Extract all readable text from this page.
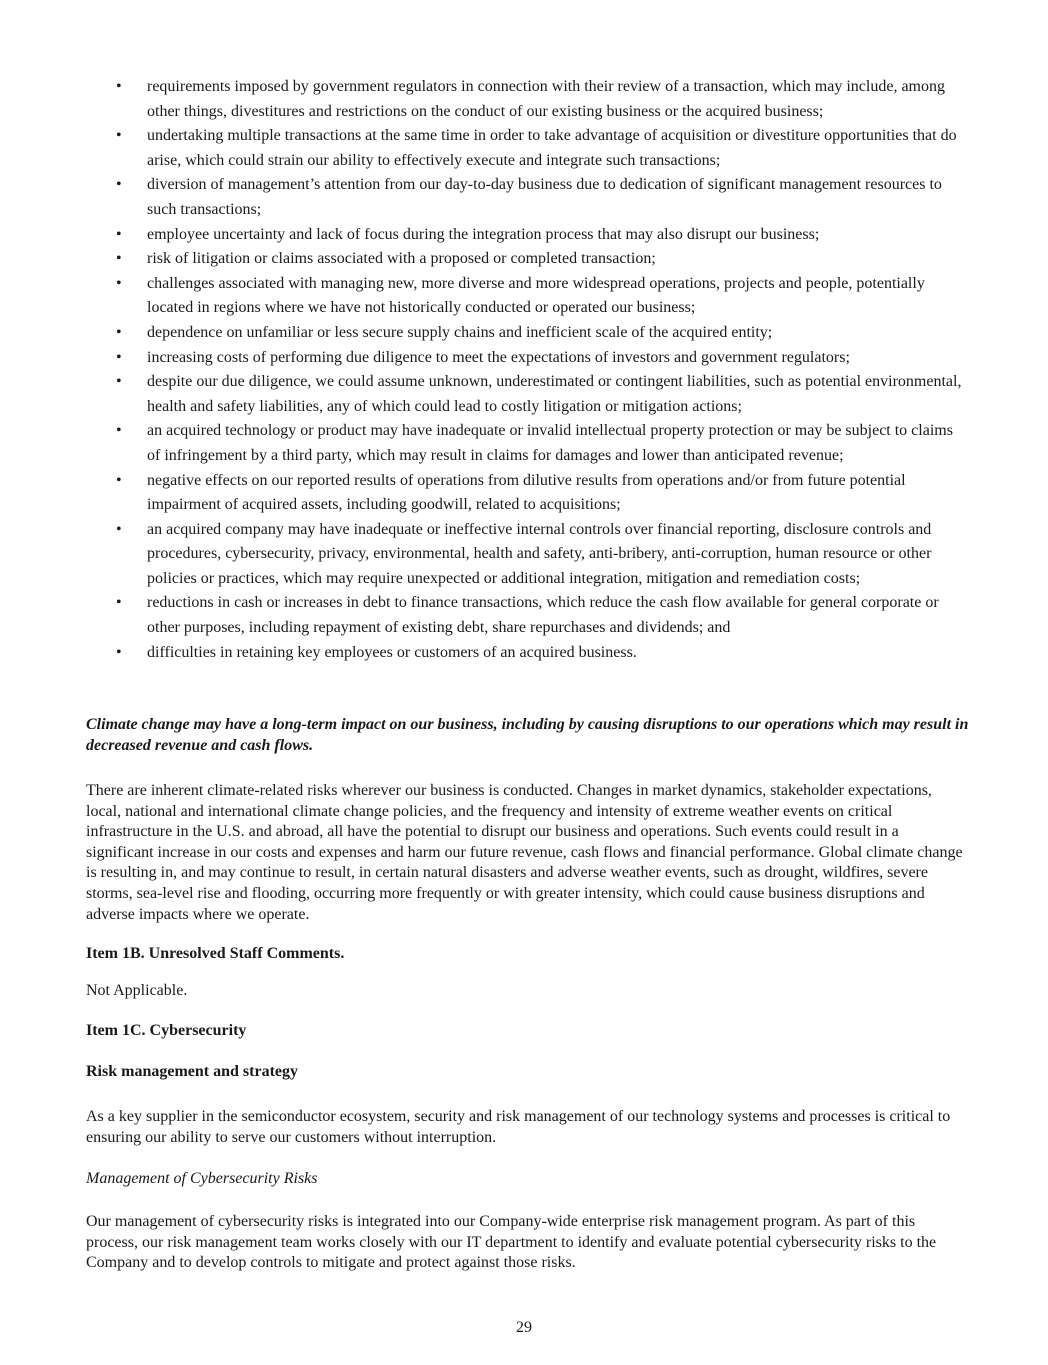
• requirements imposed by government regulators in connection with their review of a transaction, which may include, among other things, divestitures and restrictions on the conduct of our existing business or the acquired business;
• undertaking multiple transactions at the same time in order to take advantage of acquisition or divestiture opportunities that do arise, which could strain our ability to effectively execute and integrate such transactions;
• diversion of management’s attention from our day-to-day business due to dedication of significant management resources to such transactions;
• employee uncertainty and lack of focus during the integration process that may also disrupt our business;
• risk of litigation or claims associated with a proposed or completed transaction;
• challenges associated with managing new, more diverse and more widespread operations, projects and people, potentially located in regions where we have not historically conducted or operated our business;
• dependence on unfamiliar or less secure supply chains and inefficient scale of the acquired entity;
• increasing costs of performing due diligence to meet the expectations of investors and government regulators;
• despite our due diligence, we could assume unknown, underestimated or contingent liabilities, such as potential environmental, health and safety liabilities, any of which could lead to costly litigation or mitigation actions;
• an acquired technology or product may have inadequate or invalid intellectual property protection or may be subject to claims of infringement by a third party, which may result in claims for damages and lower than anticipated revenue;
• negative effects on our reported results of operations from dilutive results from operations and/or from future potential impairment of acquired assets, including goodwill, related to acquisitions;
• an acquired company may have inadequate or ineffective internal controls over financial reporting, disclosure controls and procedures, cybersecurity, privacy, environmental, health and safety, anti-bribery, anti-corruption, human resource or other policies or practices, which may require unexpected or additional integration, mitigation and remediation costs;
• reductions in cash or increases in debt to finance transactions, which reduce the cash flow available for general corporate or other purposes, including repayment of existing debt, share repurchases and dividends; and
• difficulties in retaining key employees or customers of an acquired business.

Climate change may have a long-term impact on our business, including by causing disruptions to our operations which may result in decreased revenue and cash flows.

There are inherent climate-related risks wherever our business is conducted. Changes in market dynamics, stakeholder expectations, local, national and international climate change policies, and the frequency and intensity of extreme weather events on critical infrastructure in the U.S. and abroad, all have the potential to disrupt our business and operations. Such events could result in a significant increase in our costs and expenses and harm our future revenue, cash flows and financial performance. Global climate change is resulting in, and may continue to result, in certain natural disasters and adverse weather events, such as drought, wildfires, severe storms, sea-level rise and flooding, occurring more frequently or with greater intensity, which could cause business disruptions and adverse impacts where we operate.

Item 1B. Unresolved Staff Comments.

Not Applicable.

Item 1C. Cybersecurity

Risk management and strategy

As a key supplier in the semiconductor ecosystem, security and risk management of our technology systems and processes is critical to ensuring our ability to serve our customers without interruption.

Management of Cybersecurity Risks

Our management of cybersecurity risks is integrated into our Company-wide enterprise risk management program. As part of this process, our risk management team works closely with our IT department to identify and evaluate potential cybersecurity risks to the Company and to develop controls to mitigate and protect against those risks.

29
